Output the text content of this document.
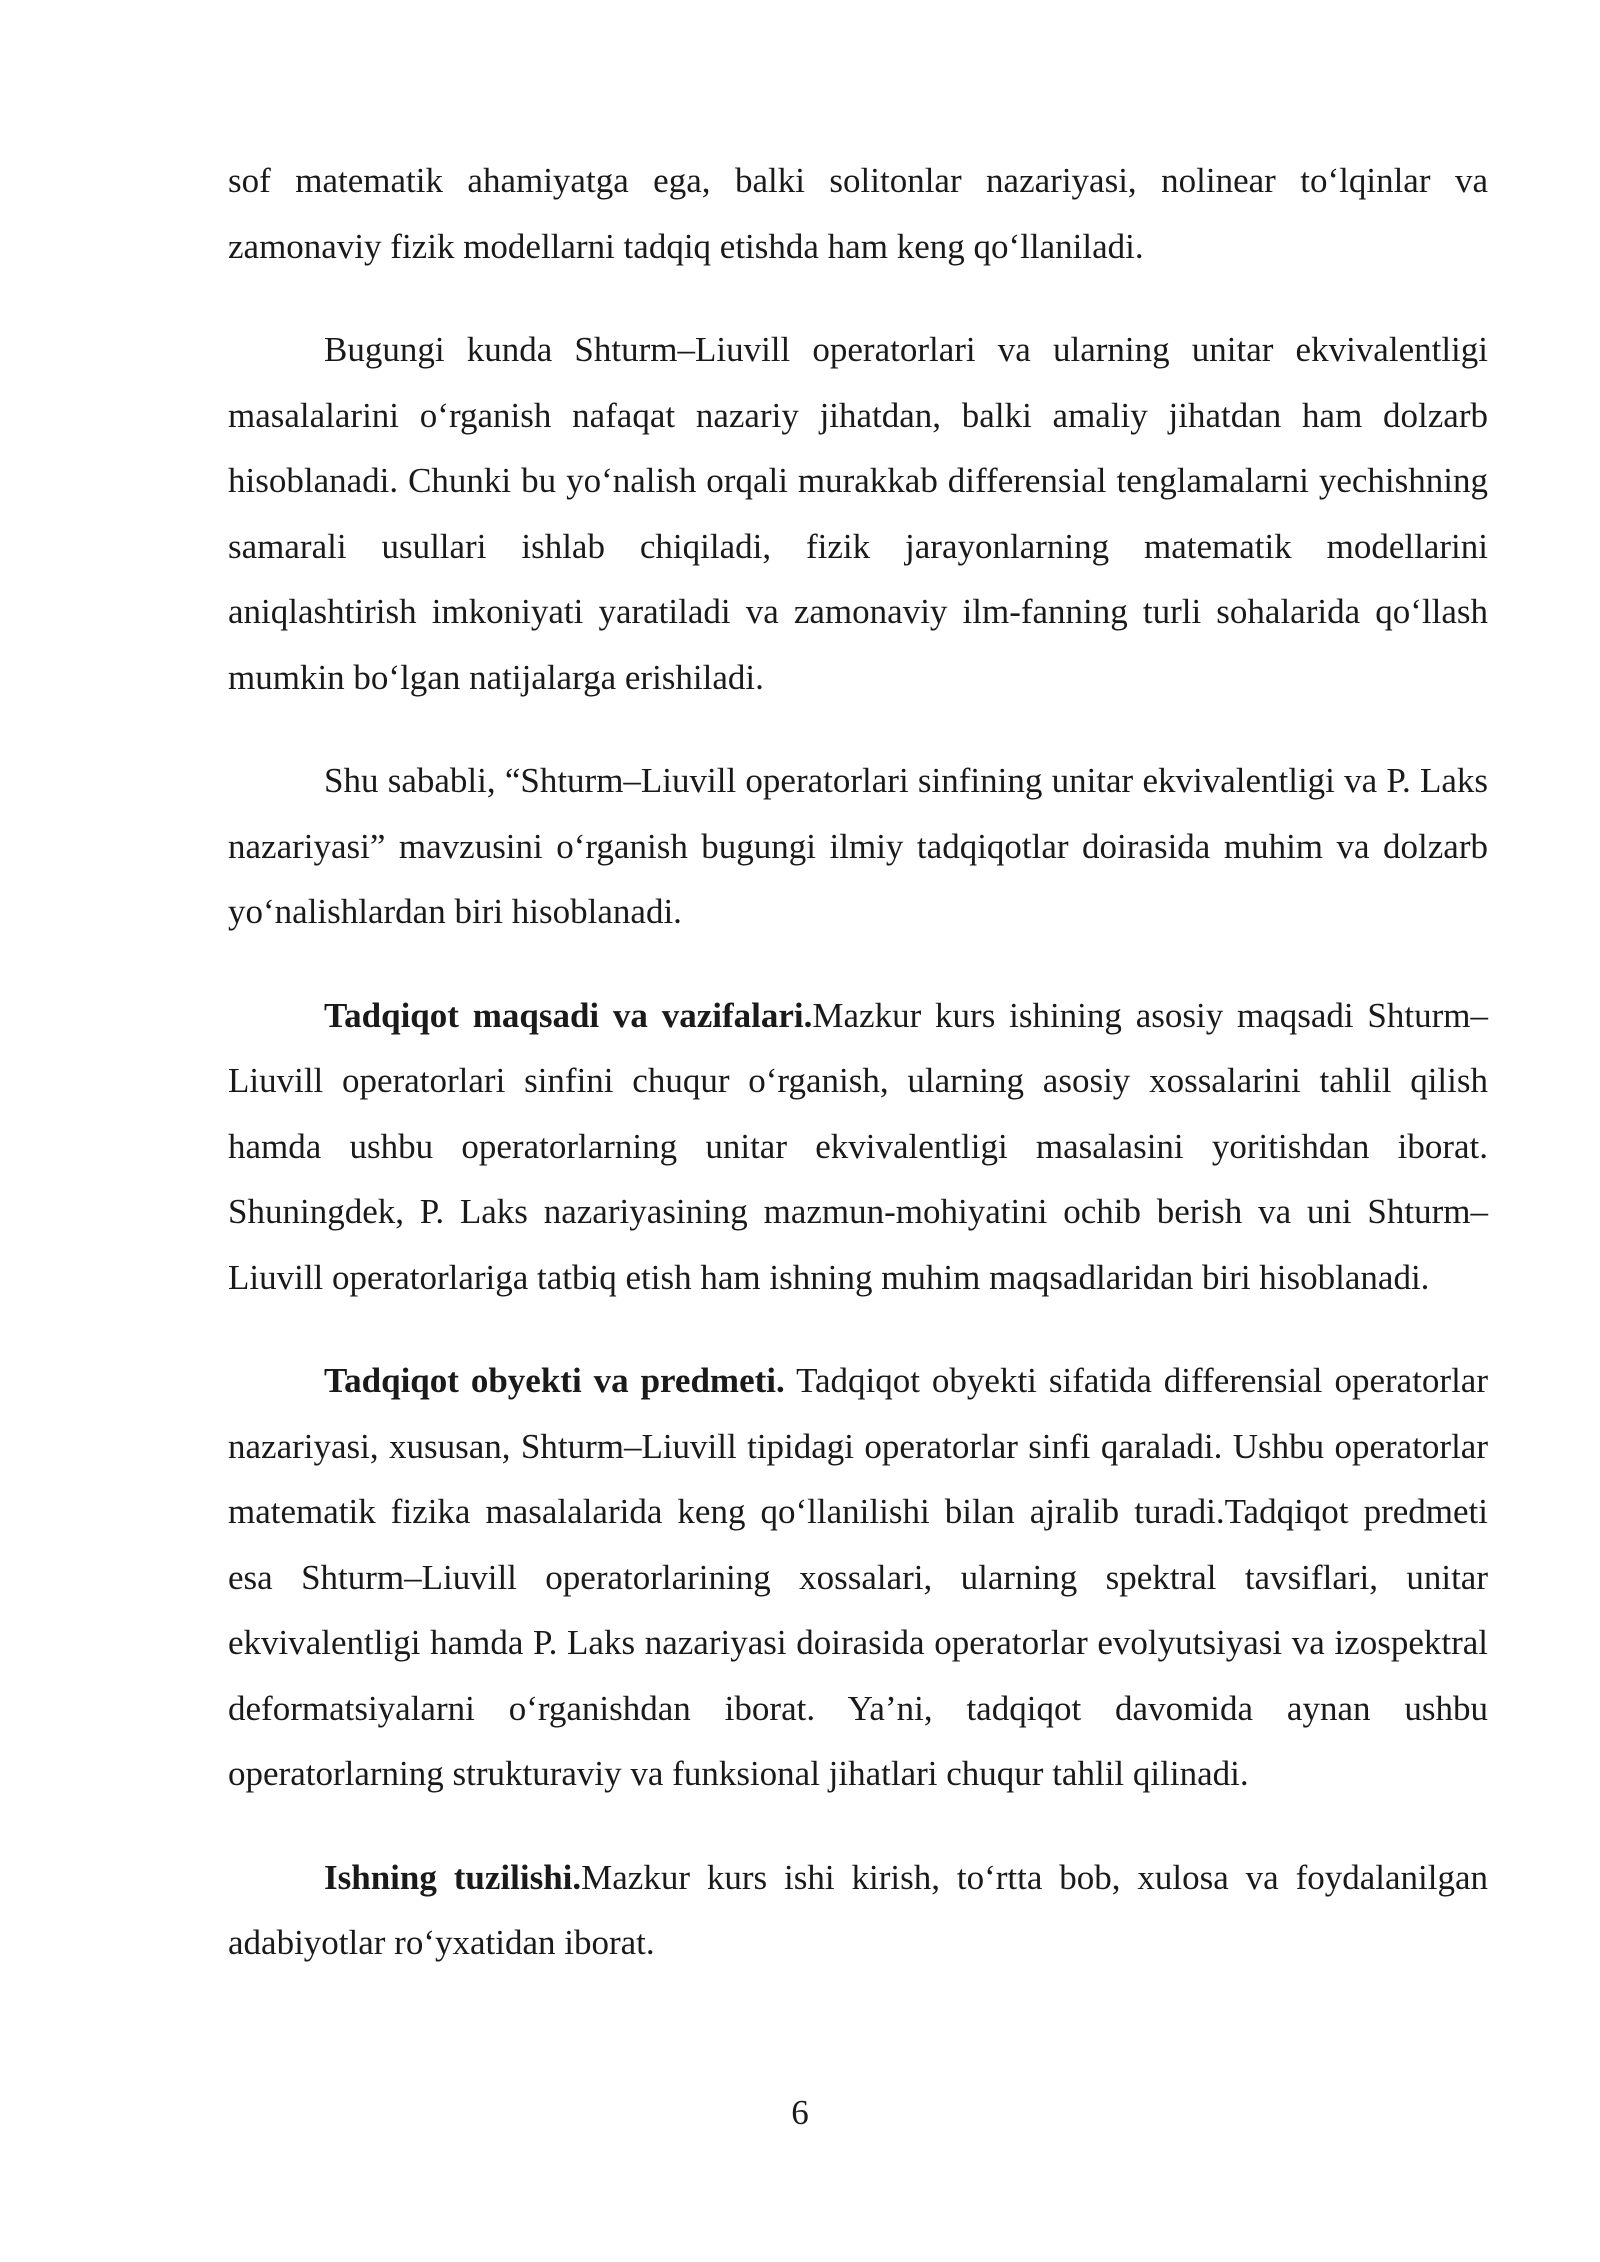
sof matematik ahamiyatga ega, balki solitonlar nazariyasi, nolinear to‘lqinlar va zamonaviy fizik modellarni tadqiq etishda ham keng qo‘llaniladi.

Bugungi kunda Shturm–Liuvill operatorlari va ularning unitar ekvivalentligi masalalarini o‘rganish nafaqat nazariy jihatdan, balki amaliy jihatdan ham dolzarb hisoblanadi. Chunki bu yo‘nalish orqali murakkab differensial tenglamalarni yechishning samarali usullari ishlab chiqiladi, fizik jarayonlarning matematik modellarini aniqlashtirish imkoniyati yaratiladi va zamonaviy ilm-fanning turli sohalarida qo‘llash mumkin bo‘lgan natijalarga erishiladi.

Shu sababli, “Shturm–Liuvill operatorlari sinfining unitar ekvivalentligi va P. Laks nazariyasi” mavzusini o‘rganish bugungi ilmiy tadqiqotlar doirasida muhim va dolzarb yo‘nalishlardan biri hisoblanadi.

Tadqiqot maqsadi va vazifalari.Mazkur kurs ishining asosiy maqsadi Shturm–Liuvill operatorlari sinfini chuqur o‘rganish, ularning asosiy xossalarini tahlil qilish hamda ushbu operatorlarning unitar ekvivalentligi masalasini yoritishdan iborat. Shuningdek, P. Laks nazariyasining mazmun-mohiyatini ochib berish va uni Shturm–Liuvill operatorlariga tatbiq etish ham ishning muhim maqsadlaridan biri hisoblanadi.

Tadqiqot obyekti va predmeti. Tadqiqot obyekti sifatida differensial operatorlar nazariyasi, xususan, Shturm–Liuvill tipidagi operatorlar sinfi qaraladi. Ushbu operatorlar matematik fizika masalalarida keng qo‘llanilishi bilan ajralib turadi.Tadqiqot predmeti esa Shturm–Liuvill operatorlarining xossalari, ularning spektral tavsiflari, unitar ekvivalentligi hamda P. Laks nazariyasi doirasida operatorlar evolyutsiyasi va izospektral deformatsiyalarni o‘rganishdan iborat. Ya’ni, tadqiqot davomida aynan ushbu operatorlarning strukturaviy va funksional jihatlari chuqur tahlil qilinadi.

Ishning tuzilishi.Mazkur kurs ishi kirish, to‘rtta bob, xulosa va foydalanilgan adabiyotlar ro‘yxatidan iborat.

6
